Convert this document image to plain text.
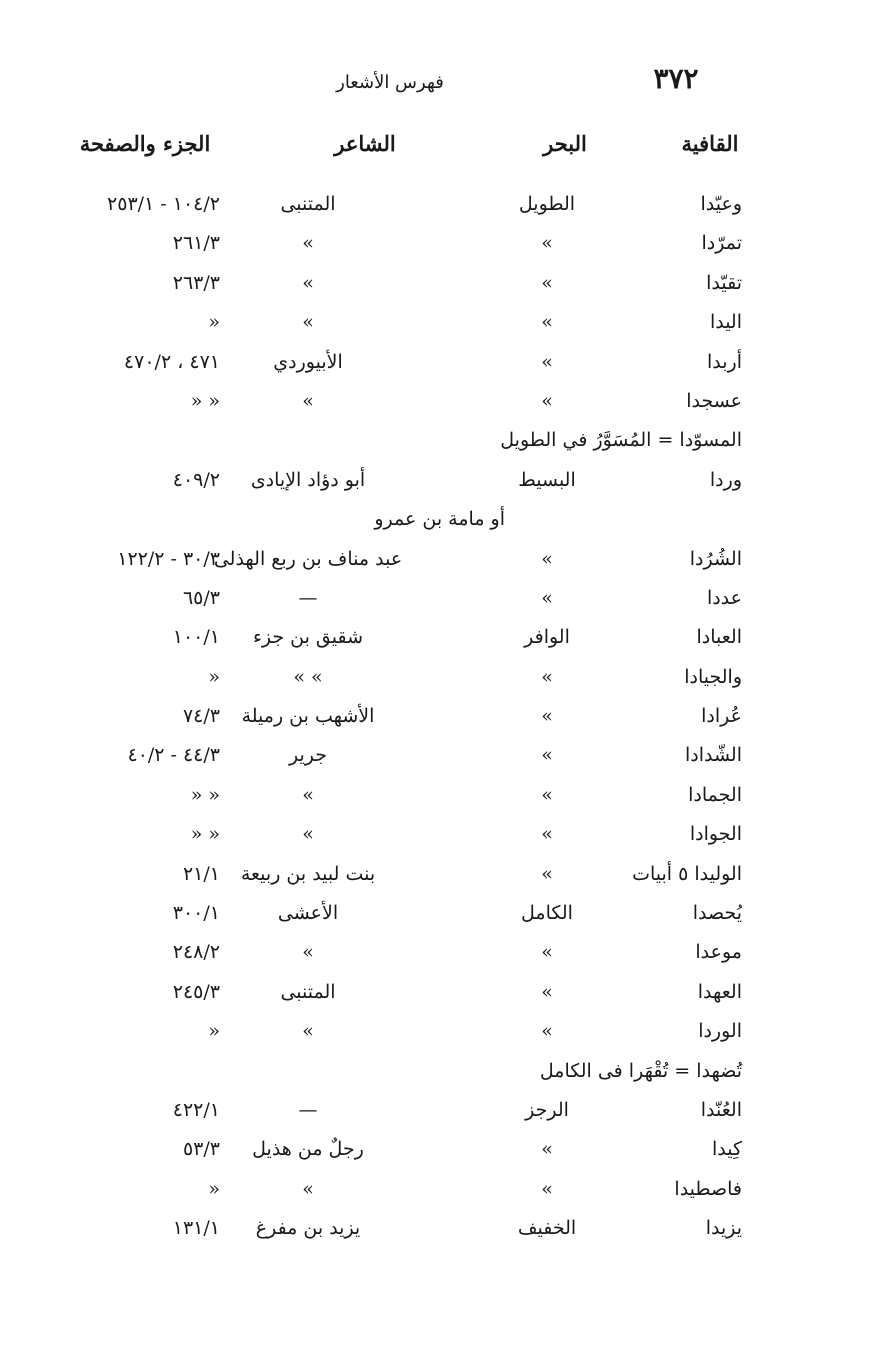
٣٧٢
فهرس الأشعار
القافية
البحر
الشاعر
الجزء والصفحة
وعيّدا
الطويل
المتنبى
١٠٤/٢ - ٢٥٣/١
تمرّدا
»
»
٢٦١/٣
تقيّدا
»
»
٢٦٣/٣
اليدا
»
»
»
أربدا
»
الأبيوردي
٤٧١ ، ٤٧٠/٢
عسجدا
»
»
» »
المسوّدا = المُسَوَّرُ في الطويل
وردا
البسيط
أبو دؤاد الإيادى
٤٠٩/٢
أو مامة بن عمرو
الشُرُدا
»
عبد مناف بن ربع الهذلى
٣٠/٣ - ١٢٢/٢
عددا
»
—
٦٥/٣
العبادا
الوافر
شقيق بن جزء
١٠٠/١
والجيادا
»
» »
»
عُرادا
»
الأشهب بن رميلة
٧٤/٣
الشّدادا
»
جرير
٤٤/٣ - ٤٠/٢
الجمادا
»
»
» »
الجوادا
»
»
» »
الوليدا ٥ أبيات
»
بنت لبيد بن ربيعة
٢١/١
يُحصدا
الكامل
الأعشى
٣٠٠/١
موعدا
»
»
٢٤٨/٢
العهدا
»
المتنبى
٢٤٥/٣
الوردا
»
»
»
تُضهدا = تُقْهَرا فى الكامل
العُنّدا
الرجز
—
٤٢٢/١
كِيدا
»
رجلٌ من هذيل
٥٣/٣
فاصطيدا
»
»
»
يزيدا
الخفيف
يزيد بن مفرغ
١٣١/١
